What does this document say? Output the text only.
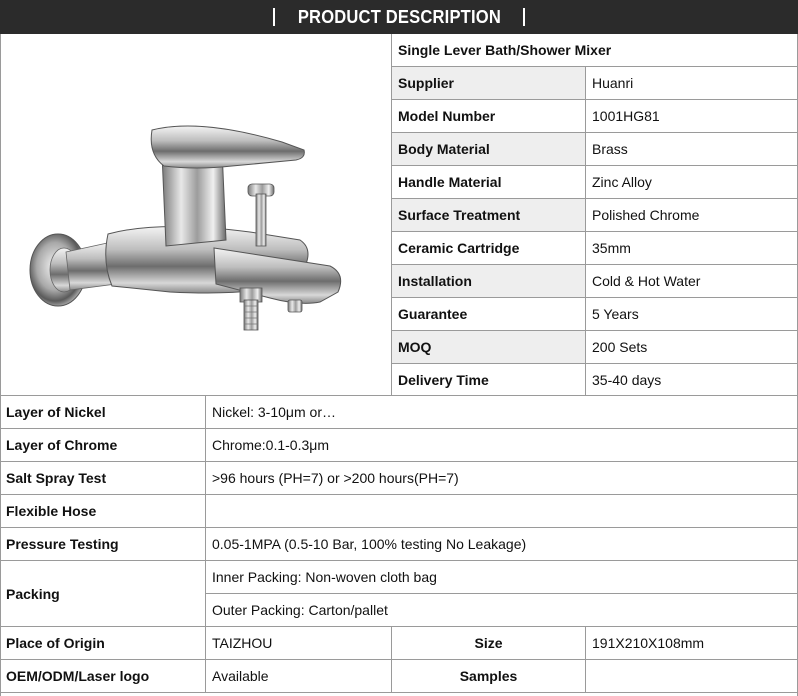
PRODUCT DESCRIPTION
Single Lever Bath/Shower Mixer
Supplier	Huanri
Model Number	1001HG81
Body Material	Brass
Handle Material	Zinc Alloy
Surface Treatment	Polished Chrome
Ceramic Cartridge	35mm
Installation	Cold & Hot Water
Guarantee	5 Years
MOQ	200 Sets
Delivery Time	35-40 days
Layer of Nickel	Nickel: 3-10μm or…
Layer of Chrome	Chrome:0.1-0.3μm
Salt Spray Test	>96 hours (PH=7) or >200 hours(PH=7)
Flexible Hose
Pressure Testing	0.05-1MPA (0.5-10 Bar, 100% testing No Leakage)
Packing
Inner Packing: Non-woven cloth bag
Outer Packing: Carton/pallet
Place of Origin	TAIZHOU	Size	191X210X108mm
OEM/ODM/Laser logo	Available	Samples
